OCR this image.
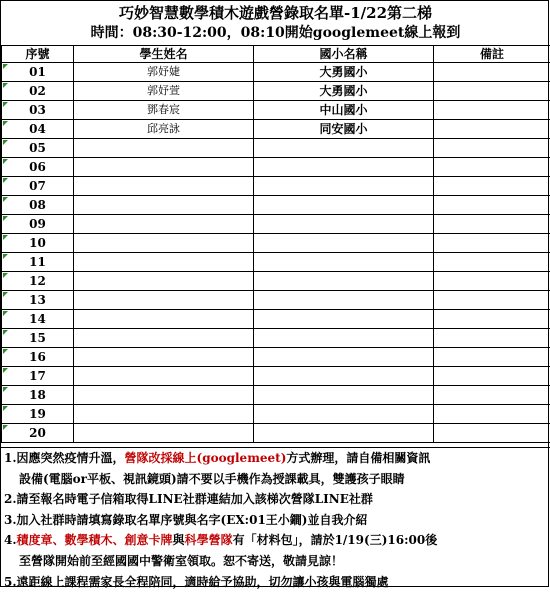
巧妙智慧數學積木遊戲營錄取名單-1/22第二梯
時間：08:30-12:00，08:10開始googlemeet線上報到
序號	學生姓名	國小名稱	備註
01	郭妤婕	大勇國小	
02	郭妤萱	大勇國小	
03	鄧春宸	中山國小	
04	邱亮詠	同安國小	
05			
06			
07			
08			
09			
10			
11			
12			
13			
14			
15			
16			
17			
18			
19			
20			
1.因應突然疫情升溫，營隊改採線上(googlemeet)方式辦理，請自備相關資訊
設備(電腦or平板、視訊鏡頭)請不要以手機作為授課載具，雙護孩子眼睛
2.請至報名時電子信箱取得LINE社群連結加入該梯次營隊LINE社群
3.加入社群時請填寫錄取名單序號與名字(EX:01王小鐧)並自我介紹
4.積度章、數學積木、創意卡牌與科學營隊有「材料包」，請於1/19(三)16:00後
至營隊開始前至經國國中警衛室領取。恕不寄送，敬請見諒！
5.遠距線上課程需家長全程陪同，適時給予協助，切勿讓小孩與電腦獨處
